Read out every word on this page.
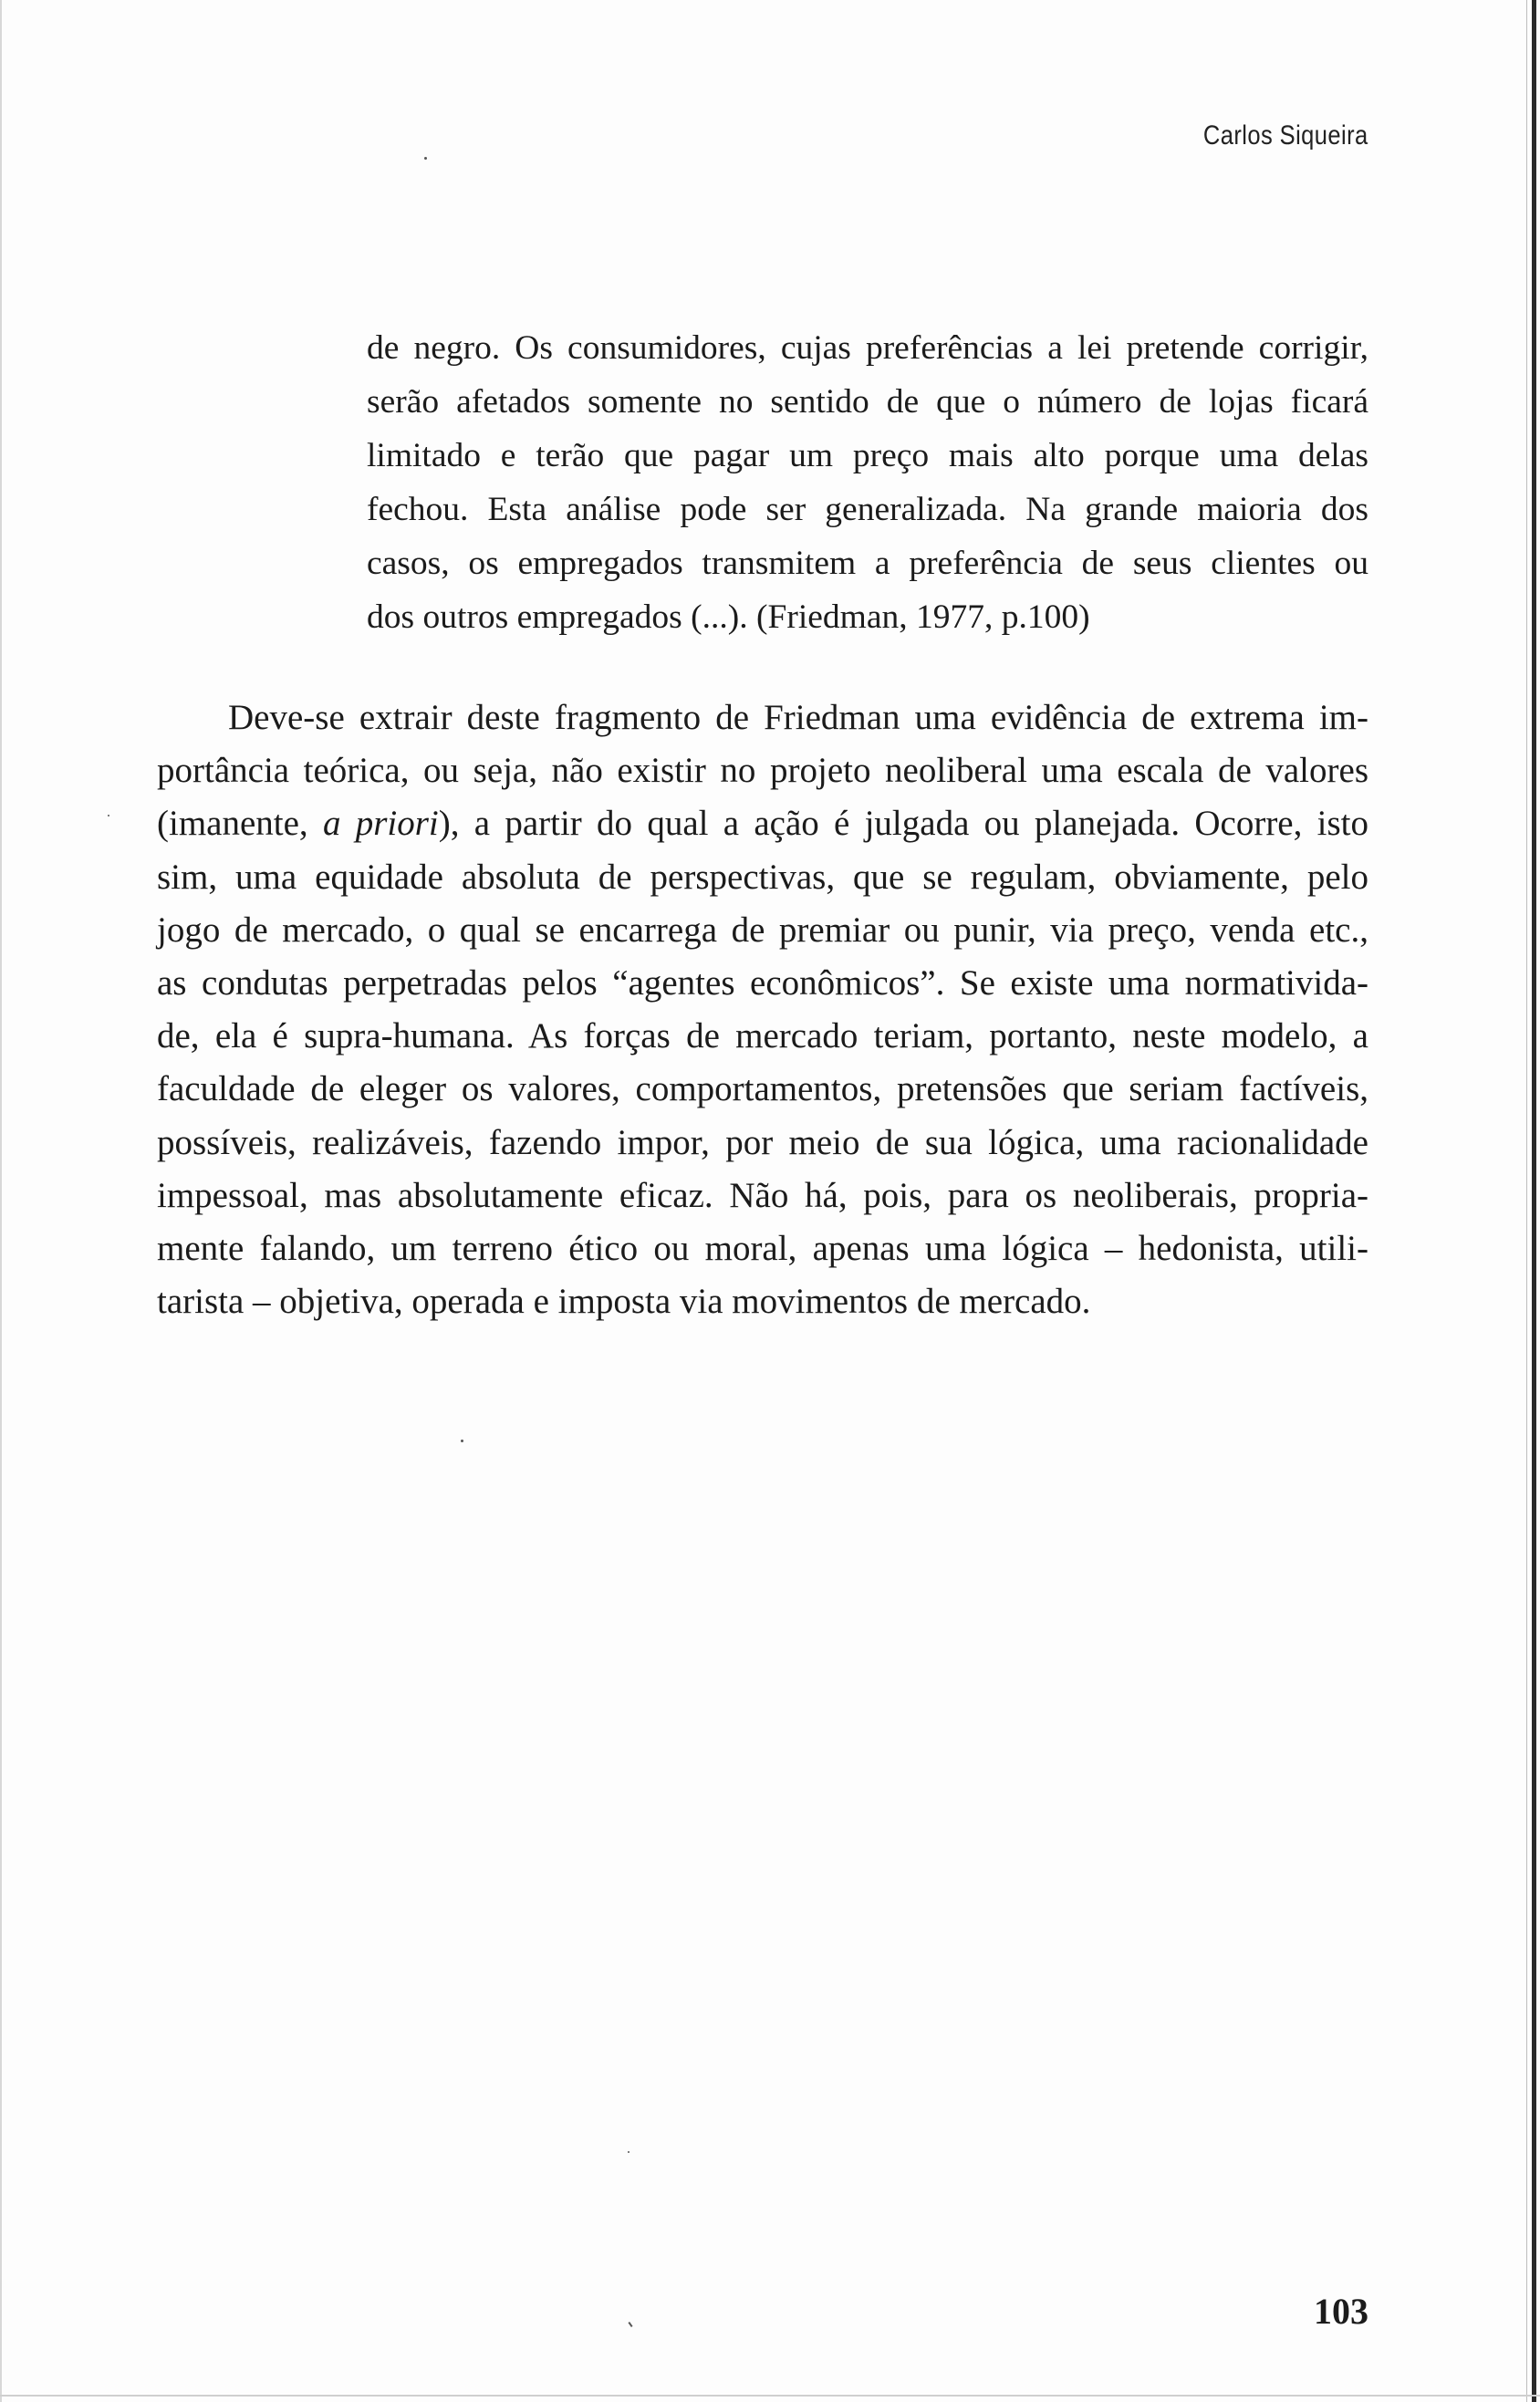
Carlos Siqueira
de negro. Os consumidores, cujas preferências a lei pretende corrigir,
serão afetados somente no sentido de que o número de lojas ficará
limitado e terão que pagar um preço mais alto porque uma delas
fechou. Esta análise pode ser generalizada. Na grande maioria dos
casos, os empregados transmitem a preferência de seus clientes ou
dos outros empregados (...). (Friedman, 1977, p.100)
Deve-se extrair deste fragmento de Friedman uma evidência de extrema im-
portância teórica, ou seja, não existir no projeto neoliberal uma escala de valores
(imanente, a priori), a partir do qual a ação é julgada ou planejada. Ocorre, isto
sim, uma equidade absoluta de perspectivas, que se regulam, obviamente, pelo
jogo de mercado, o qual se encarrega de premiar ou punir, via preço, venda etc.,
as condutas perpetradas pelos “agentes econômicos”. Se existe uma normativida-
de, ela é supra-humana. As forças de mercado teriam, portanto, neste modelo, a
faculdade de eleger os valores, comportamentos, pretensões que seriam factíveis,
possíveis, realizáveis, fazendo impor, por meio de sua lógica, uma racionalidade
impessoal, mas absolutamente eficaz. Não há, pois, para os neoliberais, propria-
mente falando, um terreno ético ou moral, apenas uma lógica – hedonista, utili-
tarista – objetiva, operada e imposta via movimentos de mercado.
103
